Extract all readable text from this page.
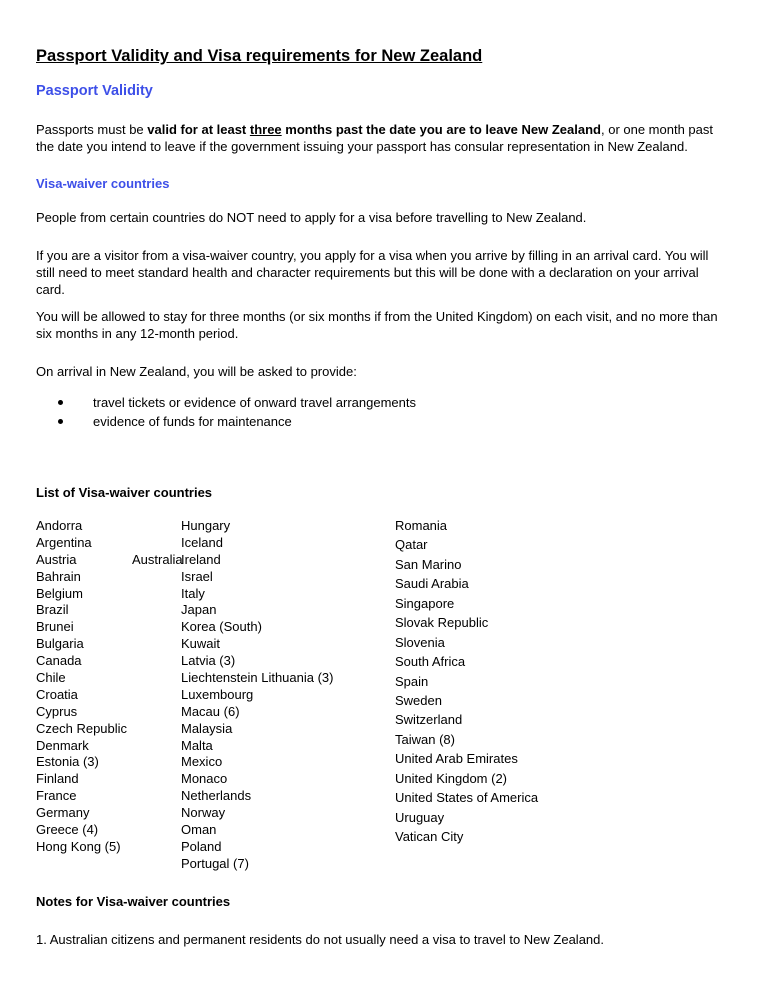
Passport Validity and Visa requirements for New Zealand
Passport Validity
Passports must be valid for at least three months past the date you are to leave New Zealand, or one month past the date you intend to leave if the government issuing your passport has consular representation in New Zealand.
Visa-waiver countries
People from certain countries do NOT need to apply for a visa before travelling to New Zealand.
If you are a visitor from a visa-waiver country, you apply for a visa when you arrive by filling in an arrival card. You will still need to meet standard health and character requirements but this will be done with a declaration on your arrival card.
You will be allowed to stay for three months (or six months if from the United Kingdom) on each visit, and no more than six months in any 12-month period.
On arrival in New Zealand, you will be asked to provide:
travel tickets or evidence of onward travel arrangements
evidence of funds for maintenance
List of Visa-waiver countries
Andorra
Argentina
Austria
Bahrain
Belgium
Brazil
Brunei
Bulgaria
Canada
Chile
Croatia
Cyprus
Czech Republic
Denmark
Estonia (3)
Finland
France
Germany
Greece (4)
Hong Kong (5)
Australia
Hungary
Iceland
Ireland
Israel
Italy
Japan
Korea (South)
Kuwait
Latvia (3)
Liechtenstein Lithuania (3)
Luxembourg
Macau (6)
Malaysia
Malta
Mexico
Monaco
Netherlands
Norway
Oman
Poland
Portugal (7)
Romania
Qatar
San Marino
Saudi Arabia
Singapore
Slovak Republic
Slovenia
South Africa
Spain
Sweden
Switzerland
Taiwan (8)
United Arab Emirates
United Kingdom (2)
United States of America
Uruguay
Vatican City
Notes for Visa-waiver countries
1. Australian citizens and permanent residents do not usually need a visa to travel to New Zealand.
